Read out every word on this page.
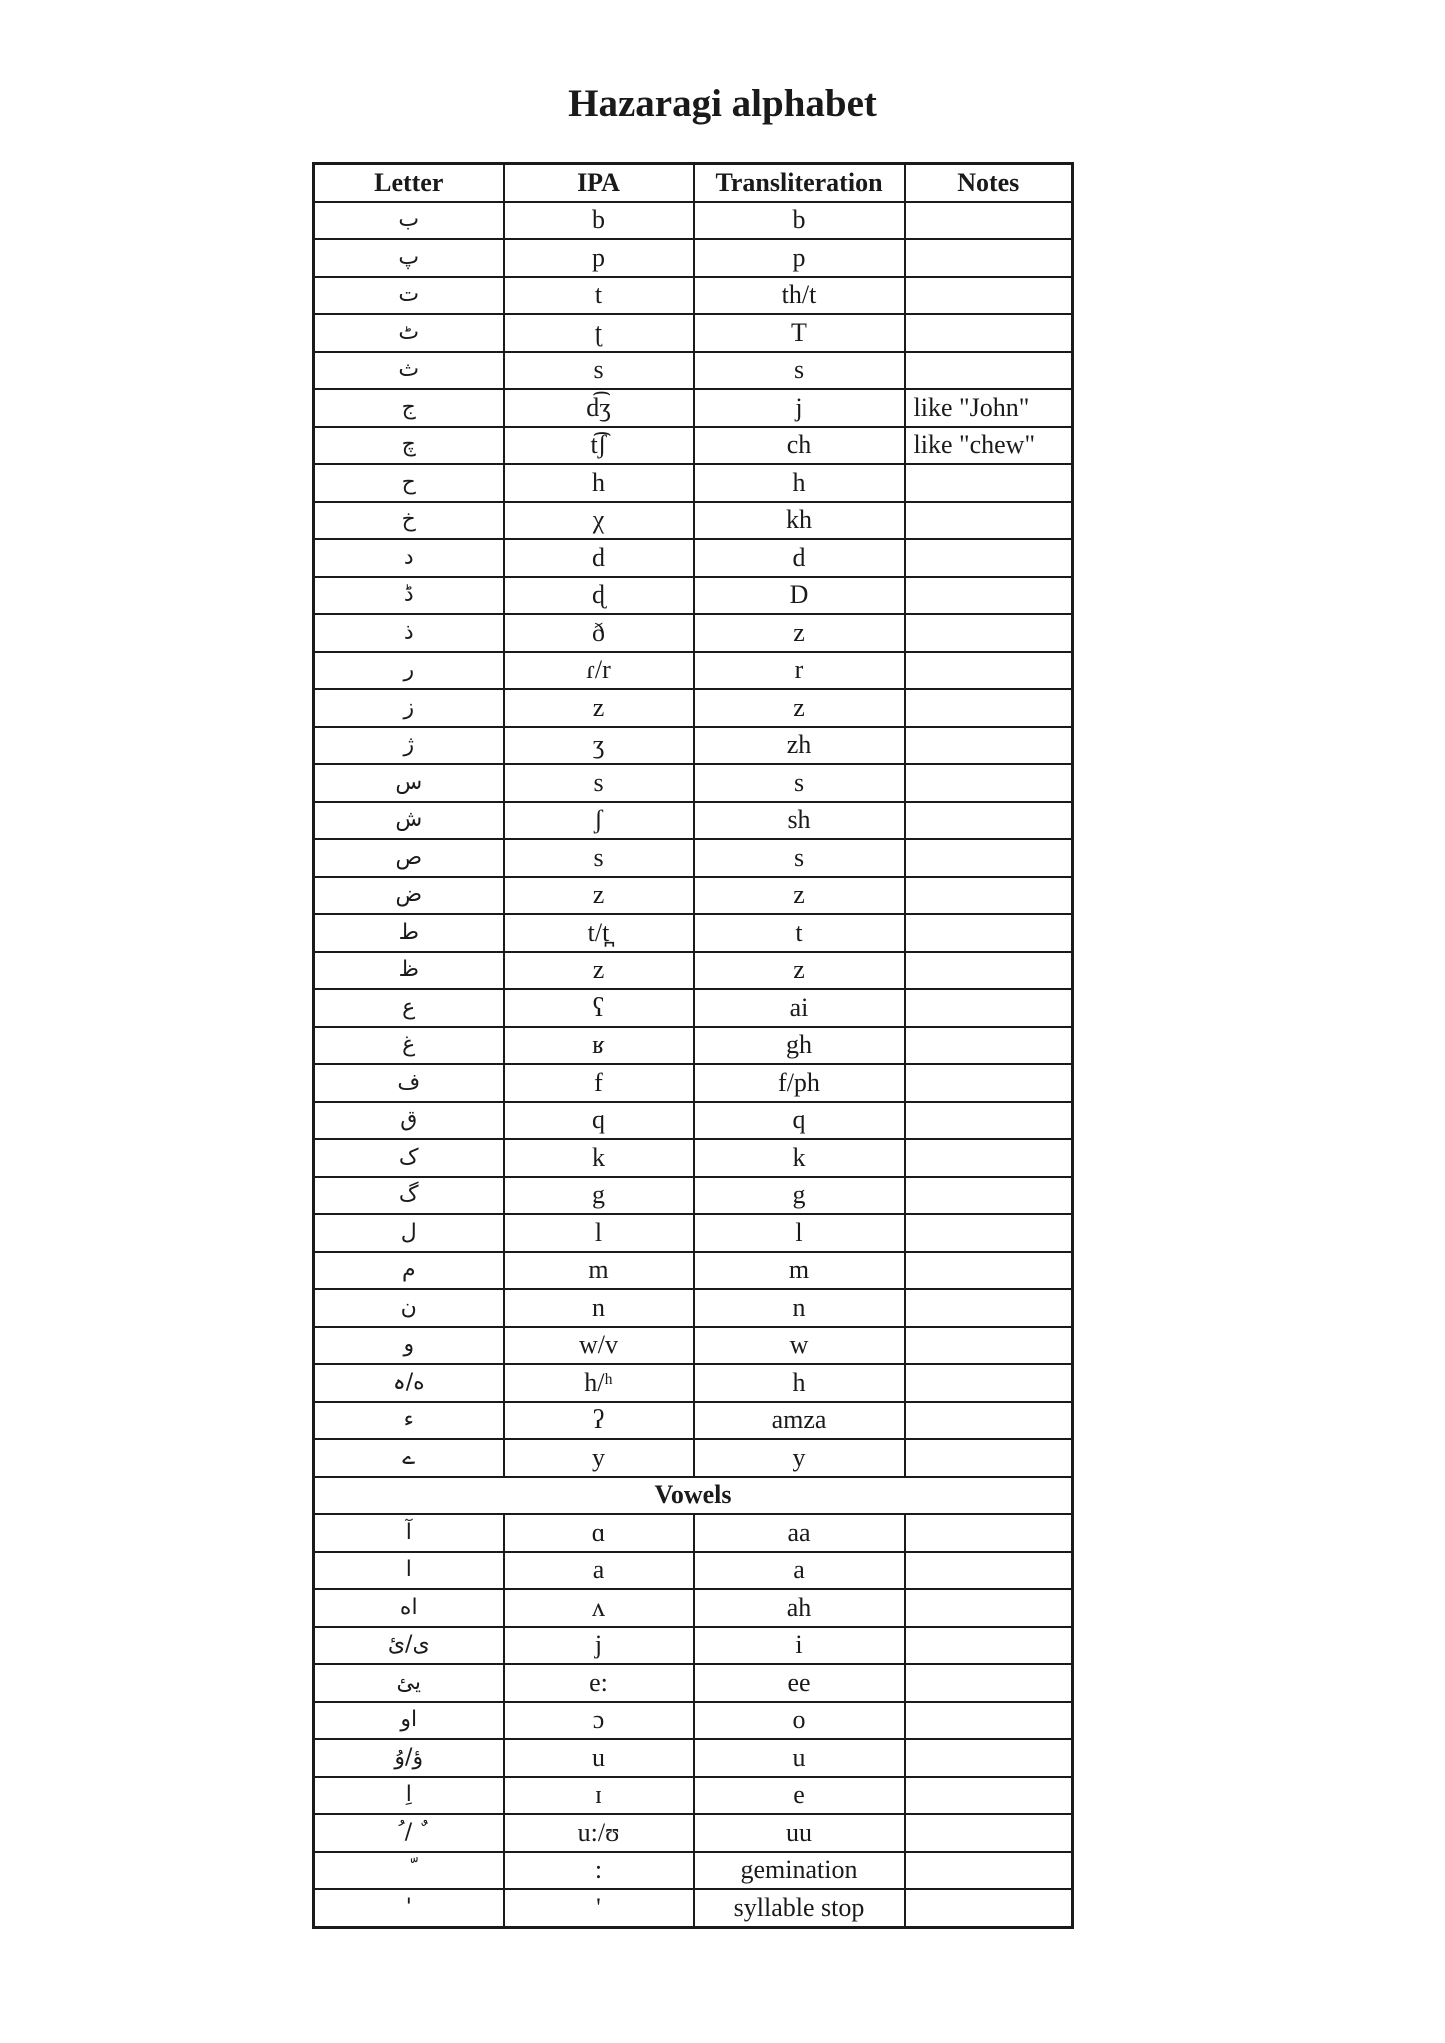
Hazaragi alphabet
Letter	IPA	Transliteration	Notes
ب	b	b	
پ	p	p	
ت	t	th/t	
ٹ	ʈ	T	
ث	s	s	
ج	d͡ʒ	j	like "John"
چ	t͡ʃ	ch	like "chew"
ح	h	h	
خ	χ	kh	
د	d	d	
ڈ	ɖ	D	
ذ	ð	z	
ر	ɾ/r	r	
ز	z	z	
ژ	ʒ	zh	
س	s	s	
ش	ʃ	sh	
ص	s	s	
ض	z	z	
ط	t/t̪	t	
ظ	z	z	
ع	ʕ	ai	
غ	ʁ	gh	
ف	f	f/ph	
ق	q	q	
ک	k	k	
گ	g	g	
ل	l	l	
م	m	m	
ن	n	n	
و	w/v	w	
ه/ہ	h/ʰ	h	
ء	ʔ	amza	
ے	y	y	
Vowels			
آ	ɑ	aa	
ا	a	a	
اه	ʌ	ah	
ی/ئ	j	i	
يئ	e:	ee	
او	ɔ	o	
ؤ/وُ	u	u	
اِ	ɪ	e	
ٌ / ُ	u:/ʊ	uu	
	:	gemination	
'	'	syllable stop	
